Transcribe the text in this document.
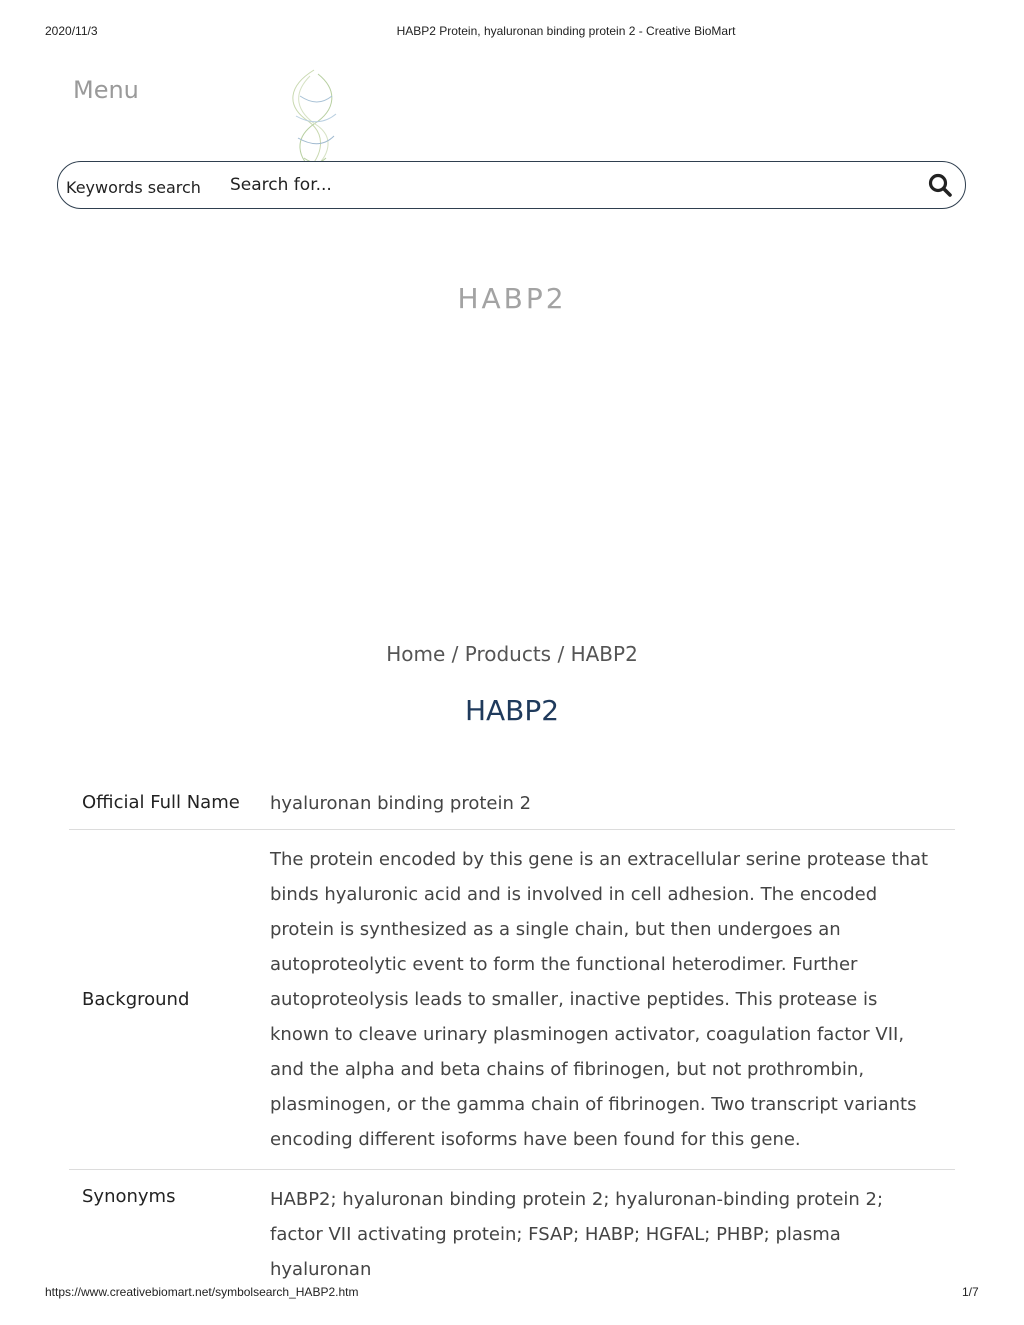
2020/11/3	HABP2 Protein, hyaluronan binding protein 2 - Creative BioMart
Menu
Keywords search
Search for...
HABP2
Home / Products / HABP2
HABP2
Official Full Name	hyaluronan binding protein 2
Background	The protein encoded by this gene is an extracellular serine protease that binds hyaluronic acid and is involved in cell adhesion. The encoded protein is synthesized as a single chain, but then undergoes an autoproteolytic event to form the functional heterodimer. Further autoproteolysis leads to smaller, inactive peptides. This protease is known to cleave urinary plasminogen activator, coagulation factor VII, and the alpha and beta chains of fibrinogen, but not prothrombin, plasminogen, or the gamma chain of fibrinogen. Two transcript variants encoding different isoforms have been found for this gene.
Synonyms	HABP2; hyaluronan binding protein 2; hyaluronan-binding protein 2; factor VII activating protein; FSAP; HABP; HGFAL; PHBP; plasma hyaluronan
https://www.creativebiomart.net/symbolsearch_HABP2.htm	1/7
